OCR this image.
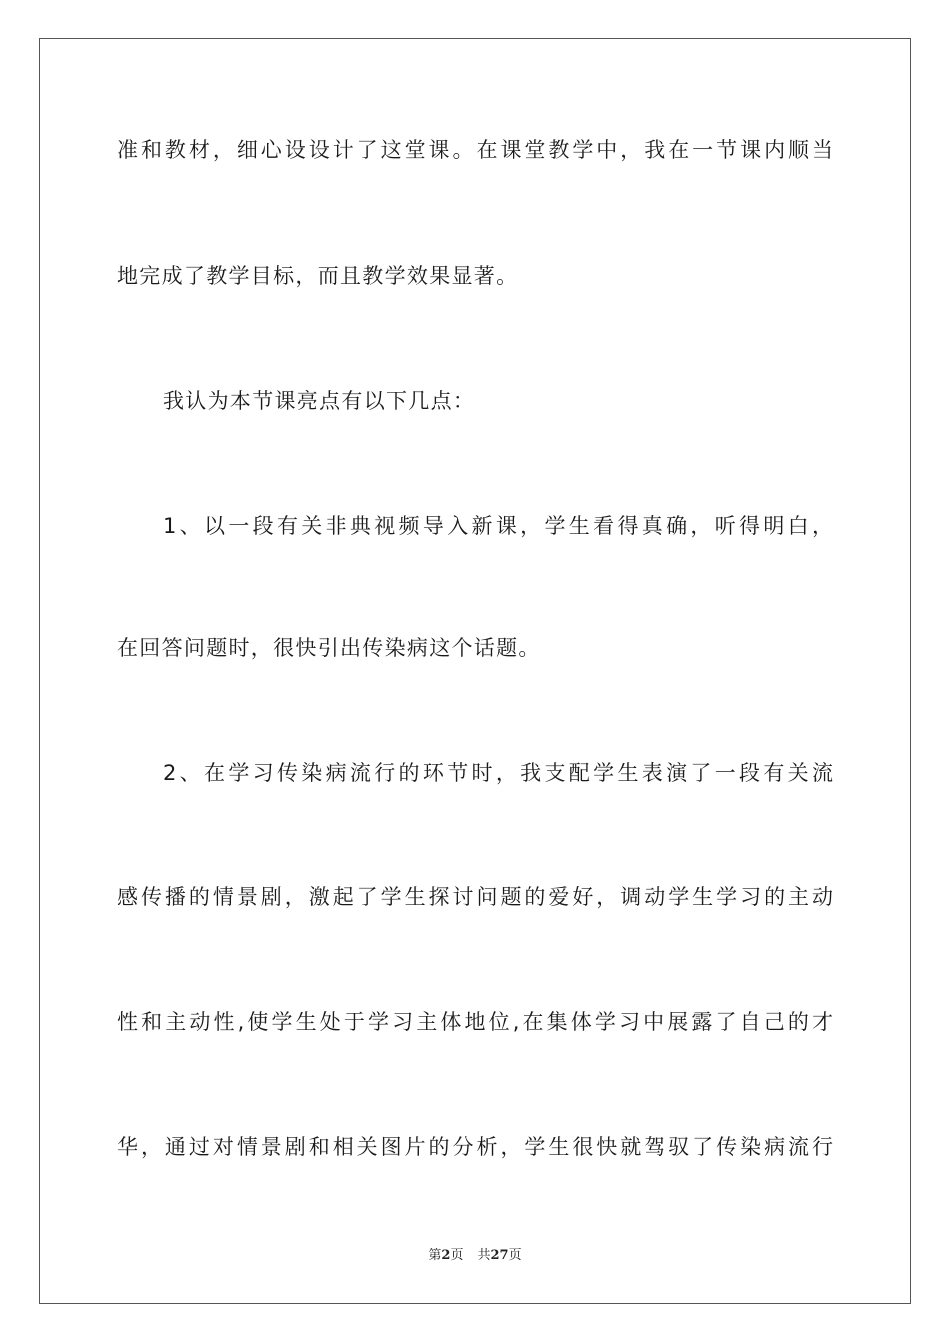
准和教材，细心设设计了这堂课。在课堂教学中，我在一节课内顺当
地完成了教学目标，而且教学效果显著。
我认为本节课亮点有以下几点：
1、以一段有关非典视频导入新课，学生看得真确，听得明白，
在回答问题时，很快引出传染病这个话题。
2、在学习传染病流行的环节时，我支配学生表演了一段有关流
感传播的情景剧，激起了学生探讨问题的爱好，调动学生学习的主动
性和主动性,使学生处于学习主体地位,在集体学习中展露了自己的才
华，通过对情景剧和相关图片的分析，学生很快就驾驭了传染病流行
第2页 共27页
